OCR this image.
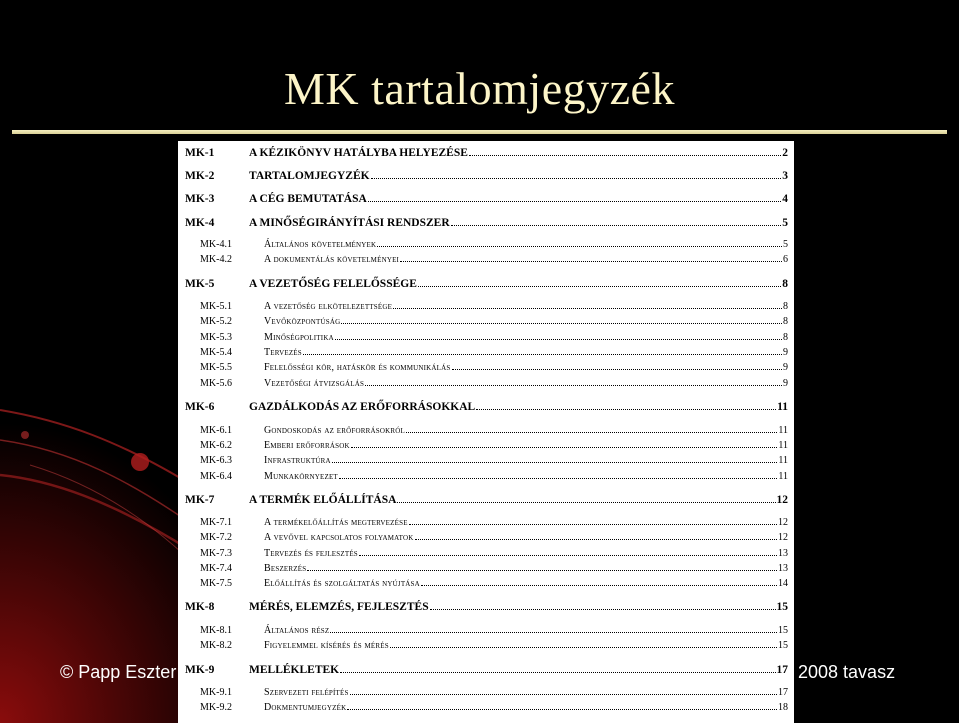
MK tartalomjegyzék
© Papp Eszter	2008 tavasz
MK-1	A KÉZIKÖNYV HATÁLYBA HELYEZÉSE	2
MK-2	TARTALOMJEGYZÉK	3
MK-3	A CÉG BEMUTATÁSA	4
MK-4	A MINŐSÉGIRÁNYÍTÁSI RENDSZER	5
MK-4.1	Általános követelmények	5
MK-4.2	A dokumentálás követelményei	6
MK-5	A VEZETŐSÉG FELELŐSSÉGE	8
MK-5.1	A vezetőség elkötelezettsége	8
MK-5.2	Vevőközpontúság	8
MK-5.3	Minőségpolitika	8
MK-5.4	Tervezés	9
MK-5.5	Felelősségi kör, hatáskör és kommunikálás	9
MK-5.6	Vezetőségi átvizsgálás	9
MK-6	GAZDÁLKODÁS AZ ERŐFORRÁSOKKAL	11
MK-6.1	Gondoskodás az erőforrásokról	11
MK-6.2	Emberi erőforrások	11
MK-6.3	Infrastruktúra	11
MK-6.4	Munkakörnyezet	11
MK-7	A TERMÉK ELŐÁLLÍTÁSA	12
MK-7.1	A termékelőállítás megtervezése	12
MK-7.2	A vevővel kapcsolatos folyamatok	12
MK-7.3	Tervezés és fejlesztés	13
MK-7.4	Beszerzés	13
MK-7.5	Előállítás és szolgáltatás nyújtása	14
MK-8	MÉRÉS, ELEMZÉS, FEJLESZTÉS	15
MK-8.1	Általános rész	15
MK-8.2	Figyelemmel kísérés és mérés	15
MK-9	MELLÉKLETEK	17
MK-9.1	Szervezeti felépítés	17
MK-9.2	Dokmentumjegyzék	18
